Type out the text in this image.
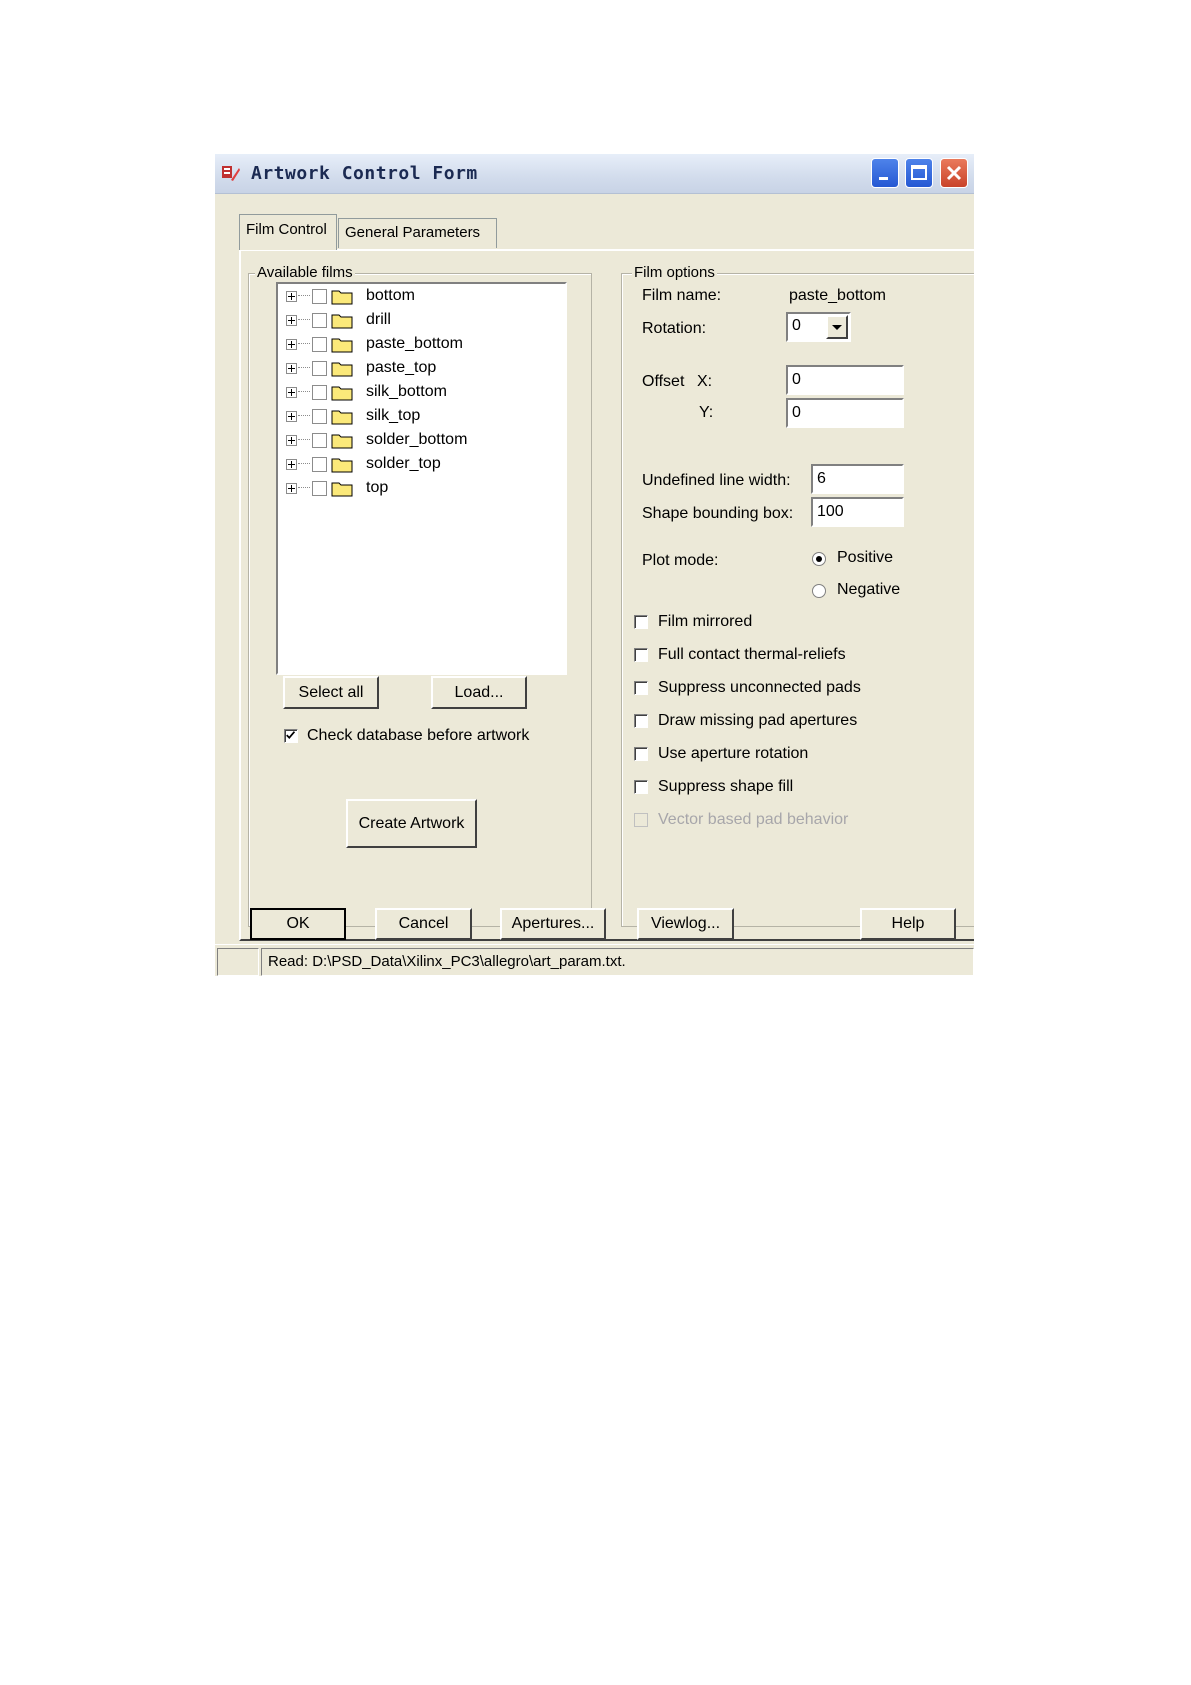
Artwork Control Form
Film Control	General Parameters
Available films
bottom
drill
paste_bottom
paste_top
silk_bottom
silk_top
solder_bottom
solder_top
top
Select all	Load...
Check database before artwork
Create Artwork
Film options
Film name:	paste_bottom
Rotation:	0
Offset X:
0
Y:
0
Undefined line width:
6
Shape bounding box:
100
Plot mode:	Positive
Negative
Film mirrored
Full contact thermal-reliefs
Suppress unconnected pads
Draw missing pad apertures
Use aperture rotation
Suppress shape fill
Vector based pad behavior
OK	Cancel	Apertures...	Viewlog...	Help
Read: D:\PSD_Data\Xilinx_PC3\allegro\art_param.txt.
